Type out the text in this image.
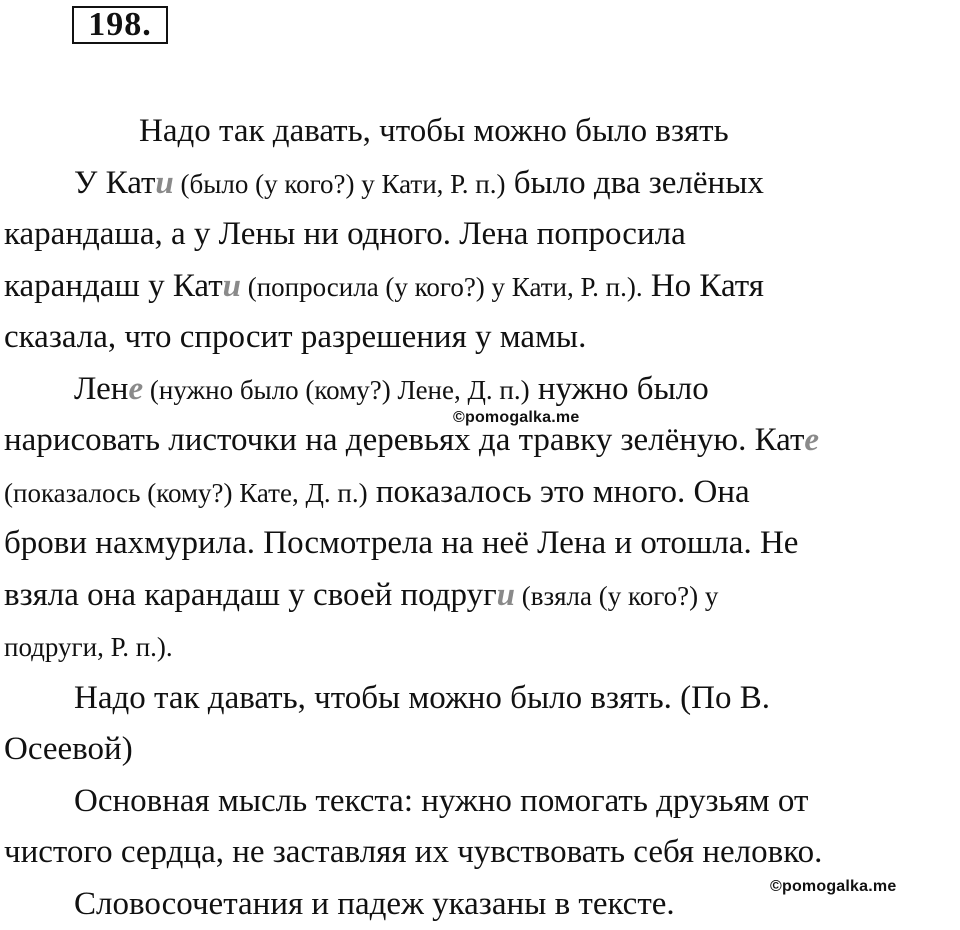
198.
Надо так давать, чтобы можно было взять
У Кати (было (у кого?) у Кати, Р. п.) было два зелёных
карандаша, а у Лены ни одного. Лена попросила
карандаш у Кати (попросила (у кого?) у Кати, Р. п.). Но Катя
сказала, что спросит разрешения у мамы.
Лене (нужно было (кому?) Лене, Д. п.) нужно было
нарисовать листочки на деревьях да травку зелёную. Кате
(показалось (кому?) Кате, Д. п.) показалось это много. Она
брови нахмурила. Посмотрела на неё Лена и отошла. Не
взяла она карандаш у своей подруги (взяла (у кого?) у
подруги, Р. п.).
Надо так давать, чтобы можно было взять. (По В.
Осеевой)
Основная мысль текста: нужно помогать друзьям от
чистого сердца, не заставляя их чувствовать себя неловко.
Словосочетания и падеж указаны в тексте.
©pomogalka.me
©pomogalka.me
